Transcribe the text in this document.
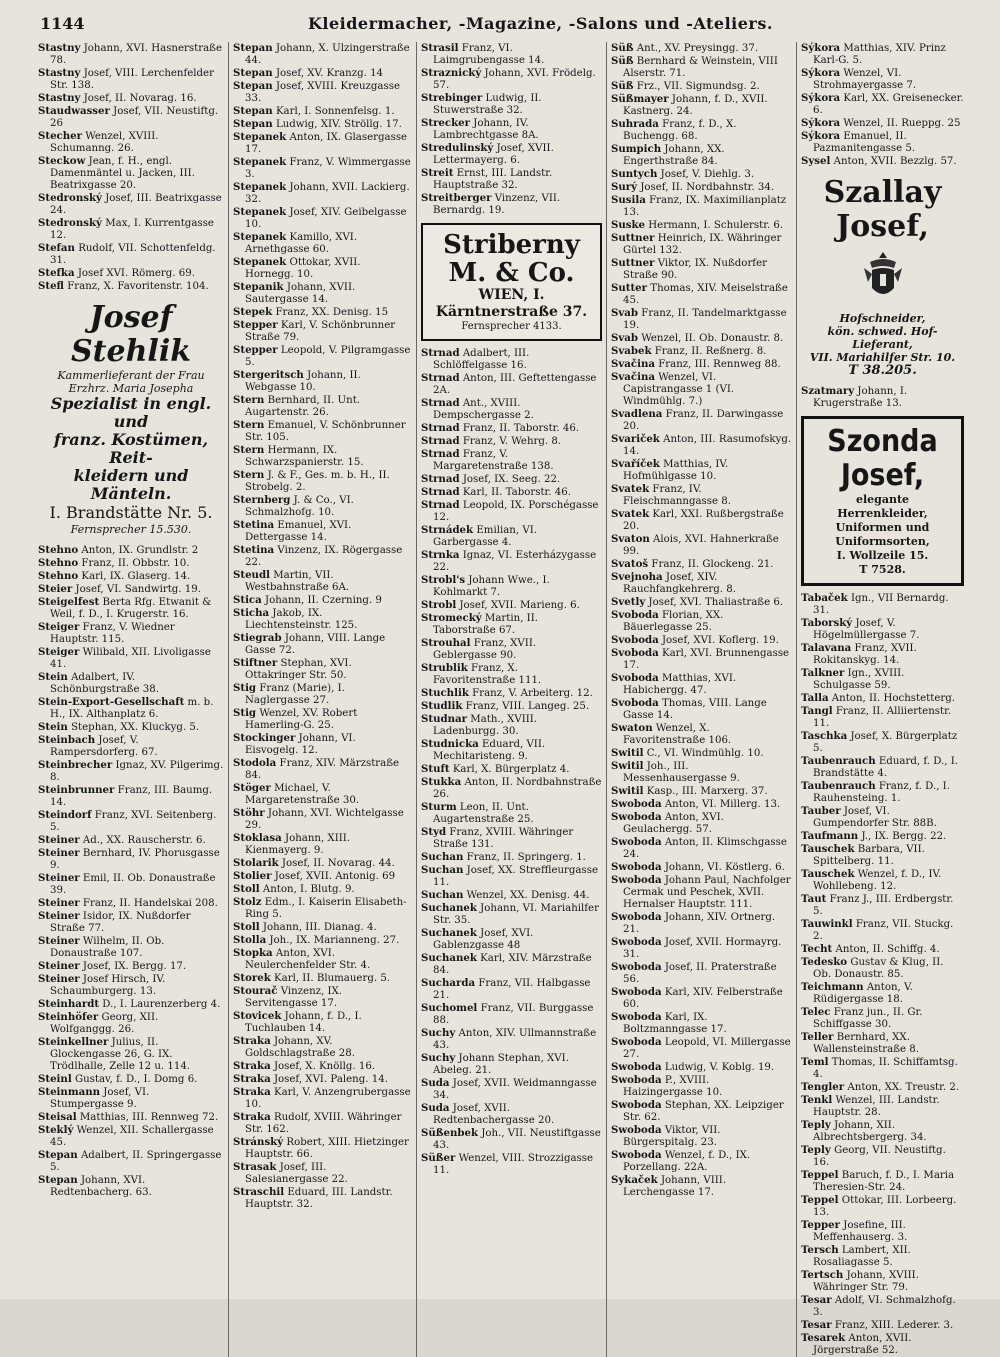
1144	Kleidermacher, -Magazine, -Salons und -Ateliers.
Stastny Johann, XVI. Hasnerstraße 78.
Stastny Josef, VIII. Lerchenfelder Str. 138.
Stastny Josef, II. Novarag. 16.
Staudwasser Josef, VII. Neustiftg. 26
Stecher Wenzel, XVIII. Schumanng. 26.
Steckow Jean, f. H., engl. Damenmäntel u. Jacken, III. Beatrixgasse 20.
Stedronský Josef, III. Beatrixgasse 24.
Stedronský Max, I. Kurrentgasse 12.
Stefan Rudolf, VII. Schottenfeldg. 31.
Stefka Josef XVI. Römerg. 69.
Stefl Franz, X. Favoritenstr. 104.
Josef Stehlik
Kammerlieferant der Frau
Erzhrz. Maria Josepha
Spezialist in engl. und
franz. Kostümen, Reit-
kleidern und Mänteln.
I. Brandstätte Nr. 5.
Fernsprecher 15.530.
Stehno Anton, IX. Grundlstr. 2
Stehno Franz, II. Obbstr. 10.
Stehno Karl, IX. Glaserg. 14.
Steier Josef, VI. Sandwirtg. 19.
Steigelfest Berta Rfg. Etwanit & Weil, f. D., I. Krugerstr. 16.
Steiger Franz, V. Wiedner Hauptstr. 115.
Steiger Wilibald, XII. Livoligasse 41.
Stein Adalbert, IV. Schönburgstraße 38.
Stein-Export-Gesellschaft m. b. H., IX. Althanplatz 6.
Stein Stephan, XX. Kluckyg. 5.
Steinbach Josef, V. Rampersdorferg. 67.
Steinbrecher Ignaz, XV. Pilgerimg. 8.
Steinbrunner Franz, III. Baumg. 14.
Steindorf Franz, XVI. Seitenberg. 5.
Steiner Ad., XX. Rauscherstr. 6.
Steiner Bernhard, IV. Phorusgasse 9.
Steiner Emil, II. Ob. Donaustraße 39.
Steiner Franz, II. Handelskai 208.
Steiner Isidor, IX. Nußdorfer Straße 77.
Steiner Wilhelm, II. Ob. Donaustraße 107.
Steiner Josef, IX. Bergg. 17.
Steiner Josef Hirsch, IV. Schaumburgerg. 13.
Steinhardt D., I. Laurenzerberg 4.
Steinhöfer Georg, XII. Wolfganggg. 26.
Steinkellner Julius, II. Glockengasse 26, G. IX. Trödlhalle, Zelle 12 u. 114.
Steinl Gustav, f. D., I. Domg 6.
Steinmann Josef, VI. Stumpergasse 9.
Steisal Matthias, III. Rennweg 72.
Steklý Wenzel, XII. Schallergasse 45.
Stepan Adalbert, II. Springergasse 5.
Stepan Johann, XVI. Redtenbacherg. 63.
Stepan Johann, X. Ulzingerstraße 44.
Stepan Josef, XV. Kranzg. 14
Stepan Josef, XVIII. Kreuzgasse 33.
Stepan Karl, I. Sonnenfelsg. 1.
Stepan Ludwig, XIV. Ströllg. 17.
Stepanek Anton, IX. Glasergasse 17.
Stepanek Franz, V. Wimmergasse 3.
Stepanek Johann, XVII. Lackierg. 32.
Stepanek Josef, XIV. Geibelgasse 10.
Stepanek Kamillo, XVI. Arnethgasse 60.
Stepanek Ottokar, XVII. Hornegg. 10.
Stepanik Johann, XVII. Sautergasse 14.
Stepek Franz, XX. Denisg. 15
Stepper Karl, V. Schönbrunner Straße 79.
Stepper Leopold, V. Pilgramgasse 5.
Stergeritsch Johann, II. Webgasse 10.
Stern Bernhard, II. Unt. Augartenstr. 26.
Stern Emanuel, V. Schönbrunner Str. 105.
Stern Hermann, IX. Schwarzspanierstr. 15.
Stern J. & F., Ges. m. b. H., II. Strobelg. 2.
Sternberg J. & Co., VI. Schmalzhofg. 10.
Stetina Emanuel, XVI. Dettergasse 14.
Stetina Vinzenz, IX. Rögergasse 22.
Steudl Martin, VII. Westbahnstraße 6A.
Stica Johann, II. Czerning. 9
Sticha Jakob, IX. Liechtensteinstr. 125.
Stiegrab Johann, VIII. Lange Gasse 72.
Stiftner Stephan, XVI. Ottakringer Str. 50.
Stig Franz (Marie), I. Naglergasse 27.
Stig Wenzel, XV. Robert Hamerling-G. 25.
Stockinger Johann, VI. Eisvogelg. 12.
Stodola Franz, XIV. Märzstraße 84.
Stöger Michael, V. Margaretenstraße 30.
Stöhr Johann, XVI. Wichtelgasse 29.
Stoklasa Johann, XIII. Kienmayerg. 9.
Stolarik Josef, II. Novarag. 44.
Stolier Josef, XVII. Antonig. 69
Stoll Anton, I. Blutg. 9.
Stolz Edm., I. Kaiserin Elisabeth-Ring 5.
Stoll Johann, III. Dianag. 4.
Stolla Joh., IX. Marianneng. 27.
Stopka Anton, XVI. Neulerchenfelder Str. 4.
Storek Karl, II. Blumauerg. 5.
Stourač Vinzenz, IX. Servitengasse 17.
Stovicek Johann, f. D., I. Tuchlauben 14.
Straka Johann, XV. Goldschlagstraße 28.
Straka Josef, X. Knöllg. 16.
Straka Josef, XVI. Paleng. 14.
Straka Karl, V. Anzengrubergasse 10.
Straka Rudolf, XVIII. Währinger Str. 162.
Stránský Robert, XIII. Hietzinger Hauptstr. 66.
Strasak Josef, III. Salesianergasse 22.
Straschil Eduard, III. Landstr. Hauptstr. 32.
Strasil Franz, VI. Laimgrubengasse 14.
Straznický Johann, XVI. Frödelg. 57.
Strebinger Ludwig, II. Stuwerstraße 32.
Strecker Johann, IV. Lambrechtgasse 8A.
Stredulinský Josef, XVII. Lettermayerg. 6.
Streit Ernst, III. Landstr. Hauptstraße 32.
Streitberger Vinzenz, VII. Bernardg. 19.
Striberny M. & Co.
WIEN, I.
Kärntnerstraße 37.
Fernsprecher 4133.
Strnad Adalbert, III. Schlöffelgasse 16.
Strnad Anton, III. Geftettengasse 2A.
Strnad Ant., XVIII. Dempschergasse 2.
Strnad Franz, II. Taborstr. 46.
Strnad Franz, V. Wehrg. 8.
Strnad Franz, V. Margaretenstraße 138.
Strnad Josef, IX. Seeg. 22.
Strnad Karl, II. Taborstr. 46.
Strnad Leopold, IX. Porschégasse 12.
Strnádek Emilian, VI. Garbergasse 4.
Strnka Ignaz, VI. Esterházygasse 22.
Strobl's Johann Wwe., I. Kohlmarkt 7.
Strobl Josef, XVII. Marieng. 6.
Stromecký Martin, II. Taborstraße 67.
Strouhal Franz, XVII. Geblergasse 90.
Strublik Franz, X. Favoritenstraße 111.
Stuchlik Franz, V. Arbeiterg. 12.
Studlik Franz, VIII. Langeg. 25.
Studnar Math., XVIII. Ladenburgg. 30.
Studnicka Eduard, VII. Mechitaristeng. 9.
Stuft Karl, X. Bürgerplatz 4.
Stukka Anton, II. Nordbahnstraße 26.
Sturm Leon, II. Unt. Augartenstraße 25.
Styd Franz, XVIII. Währinger Straße 131.
Suchan Franz, II. Springerg. 1.
Suchan Josef, XX. Streffleurgasse 11.
Suchan Wenzel, XX. Denisg. 44.
Suchanek Johann, VI. Mariahilfer Str. 35.
Suchanek Josef, XVI. Gablenzgasse 48
Suchanek Karl, XIV. Märzstraße 84.
Sucharda Franz, VII. Halbgasse 21.
Suchomel Franz, VII. Burggasse 88.
Suchy Anton, XIV. Ullmannstraße 43.
Suchy Johann Stephan, XVI. Abeleg. 21.
Suda Josef, XVII. Weidmanngasse 34.
Suda Josef, XVII. Redtenbachergasse 20.
Süßenbek Joh., VII. Neustiftgasse 43.
Süßer Wenzel, VIII. Strozzigasse 11.
Süß Ant., XV. Preysingg. 37.
Süß Bernhard & Weinstein, VIII Alserstr. 71.
Süß Frz., VII. Sigmundsg. 2.
Süßmayer Johann, f. D., XVII. Kastnerg. 24.
Suhrada Franz, f. D., X. Buchengg. 68.
Sumpich Johann, XX. Engerthstraße 84.
Suntych Josef, V. Diehlg. 3.
Surý Josef, II. Nordbahnstr. 34.
Susila Franz, IX. Maximilianplatz 13.
Suske Hermann, I. Schulerstr. 6.
Suttner Heinrich, IX. Währinger Gürtel 132.
Suttner Viktor, IX. Nußdorfer Straße 90.
Sutter Thomas, XIV. Meiselstraße 45.
Svab Franz, II. Tandelmarktgasse 19.
Svab Wenzel, II. Ob. Donaustr. 8.
Svabek Franz, II. Reßnerg. 8.
Svačina Franz, III. Rennweg 88.
Svačina Wenzel, VI. Capistrangasse 1 (VI. Windmühlg. 7.)
Svadlena Franz, II. Darwingasse 20.
Svariček Anton, III. Rasumofskyg. 14.
Svaříček Matthias, IV. Hofmühlgasse 10.
Svatek Franz, IV. Fleischmanngasse 8.
Svatek Karl, XXI. Rußbergstraße 20.
Svaton Alois, XVI. Hahnerkraße 99.
Svatoš Franz, II. Glockeng. 21.
Svejnoha Josef, XIV. Rauchfangkehrerg. 8.
Svetly Josef, XVI. Thaliastraße 6.
Svoboda Florian, XX. Bäuerlegasse 25.
Svoboda Josef, XVI. Koflerg. 19.
Svoboda Karl, XVI. Brunnengasse 17.
Svoboda Matthias, XVI. Habichergg. 47.
Svoboda Thomas, VIII. Lange Gasse 14.
Swaton Wenzel, X. Favoritenstraße 106.
Switil C., VI. Windmühlg. 10.
Switil Joh., III. Messenhausergasse 9.
Switil Kasp., III. Marxerg. 37.
Swoboda Anton, VI. Millerg. 13.
Swoboda Anton, XVI. Geulachergg. 57.
Swoboda Anton, II. Klimschgasse 24.
Swoboda Johann, VI. Köstlerg. 6.
Swoboda Johann Paul, Nachfolger Cermak und Peschek, XVII. Hernalser Hauptstr. 111.
Swoboda Johann, XIV. Ortnerg. 21.
Swoboda Josef, XVII. Hormayrg. 31.
Swoboda Josef, II. Praterstraße 56.
Swoboda Karl, XIV. Felberstraße 60.
Swoboda Karl, IX. Boltzmanngasse 17.
Swoboda Leopold, VI. Millergasse 27.
Swoboda Ludwig, V. Koblg. 19.
Swoboda P., XVIII. Haizingergasse 10.
Swoboda Stephan, XX. Leipziger Str. 62.
Swoboda Viktor, VII. Bürgerspitalg. 23.
Swoboda Wenzel, f. D., IX. Porzellang. 22A.
Sykaček Johann, VIII. Lerchengasse 17.
Sýkora Matthias, XIV. Prinz Karl-G. 5.
Sýkora Wenzel, VI. Strohmayergasse 7.
Sýkora Karl, XX. Greisenecker. 6.
Sýkora Wenzel, II. Rueppg. 25
Sýkora Emanuel, II. Pazmanitengasse 5.
Sysel Anton, XVII. Bezzlg. 57.
Szallay Josef,
Hofschneider,
kön. schwed. Hof-Lieferant,
VII. Mariahilfer Str. 10.
T 38.205.
Szatmary Johann, I. Krugerstraße 13.
Szonda Josef,
elegante Herrenkleider,
Uniformen und Uniformsorten,
I. Wollzeile 15.
T 7528.
Tabaček Ign., VII Bernardg. 31.
Taborský Josef, V. Högelmüllergasse 7.
Talavana Franz, XVII. Rokitanskyg. 14.
Talkner Ign., XVIII. Schulgasse 59.
Talla Anton, II. Hochstetterg.
Tangl Franz, II. Alliiertenstr. 11.
Taschka Josef, X. Bürgerplatz 5.
Taubenrauch Eduard, f. D., I. Brandstätte 4.
Taubenrauch Franz, f. D., I. Rauhensteing. 1.
Tauber Josef, VI. Gumpendorfer Str. 88B.
Taufmann J., IX. Bergg. 22.
Tauschek Barbara, VII. Spittelberg. 11.
Tauschek Wenzel, f. D., IV. Wohllebeng. 12.
Taut Franz J., III. Erdbergstr. 5.
Tauwinkl Franz, VII. Stuckg. 2.
Techt Anton, II. Schiffg. 4.
Tedesko Gustav & Klug, II. Ob. Donaustr. 85.
Teichmann Anton, V. Rüdigergasse 18.
Telec Franz jun., II. Gr. Schiffgasse 30.
Teller Bernhard, XX. Wallensteinstraße 8.
Teml Thomas, II. Schiffamtsg. 4.
Tengler Anton, XX. Treustr. 2.
Tenkl Wenzel, III. Landstr. Hauptstr. 28.
Teply Johann, XII. Albrechtsbergerg. 34.
Teply Georg, VII. Neustiftg. 16.
Teppel Baruch, f. D., I. Maria Theresien-Str. 24.
Teppel Ottokar, III. Lorbeerg. 13.
Tepper Josefine, III. Meffenhauserg. 3.
Tersch Lambert, XII. Rosaliagasse 5.
Tertsch Johann, XVIII. Währinger Str. 79.
Tesar Adolf, VI. Schmalzhofg. 3.
Tesar Franz, XIII. Lederer. 3.
Tesarek Anton, XVII. Jörgerstraße 52.
